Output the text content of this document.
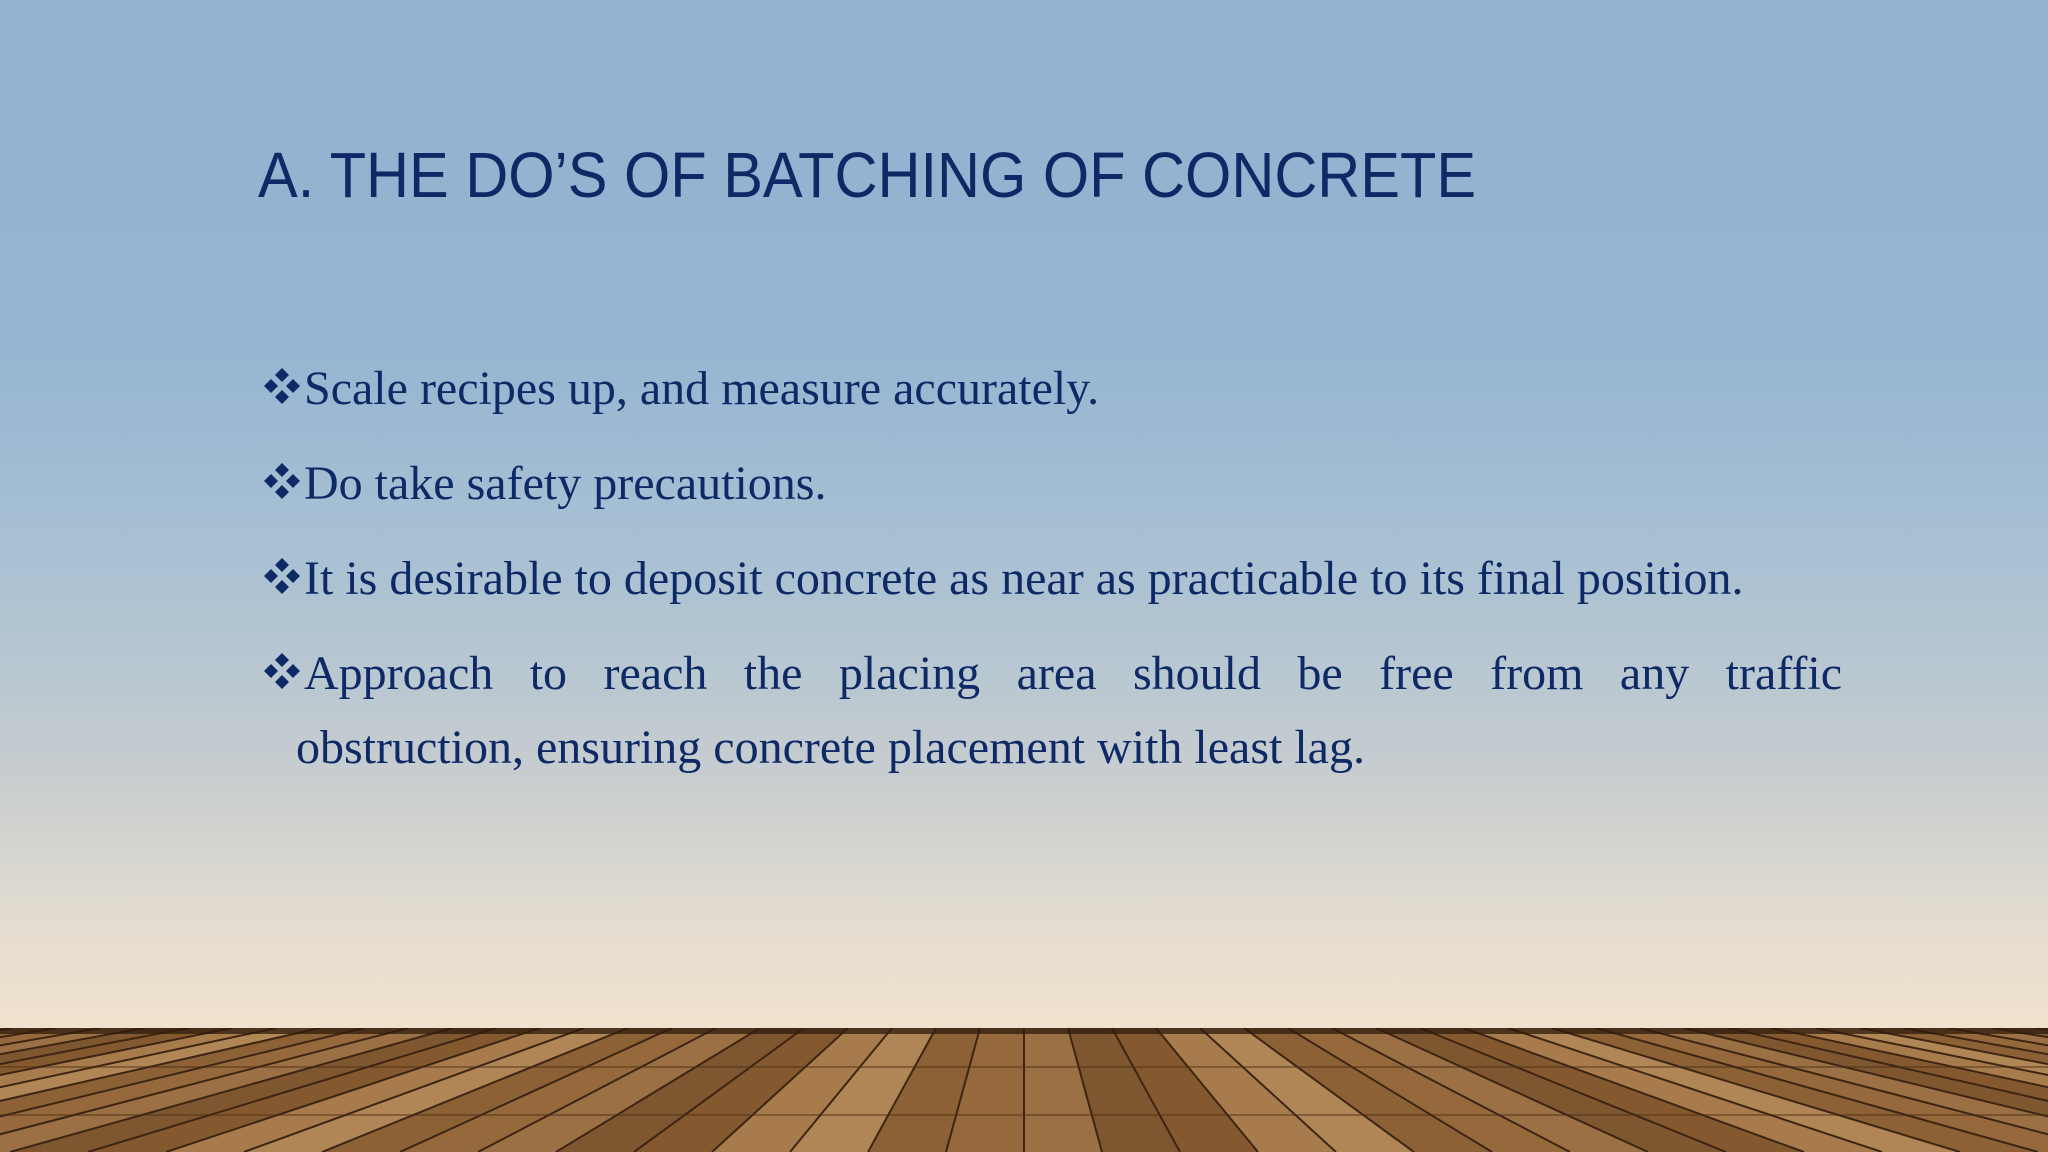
A. THE DO’S OF BATCHING OF CONCRETE
Scale recipes up, and measure accurately.
Do take safety precautions.
It is desirable to deposit concrete as near as practicable to its final position.
Approach to reach the placing area should be free from any traffic
obstruction, ensuring concrete placement with least lag.
